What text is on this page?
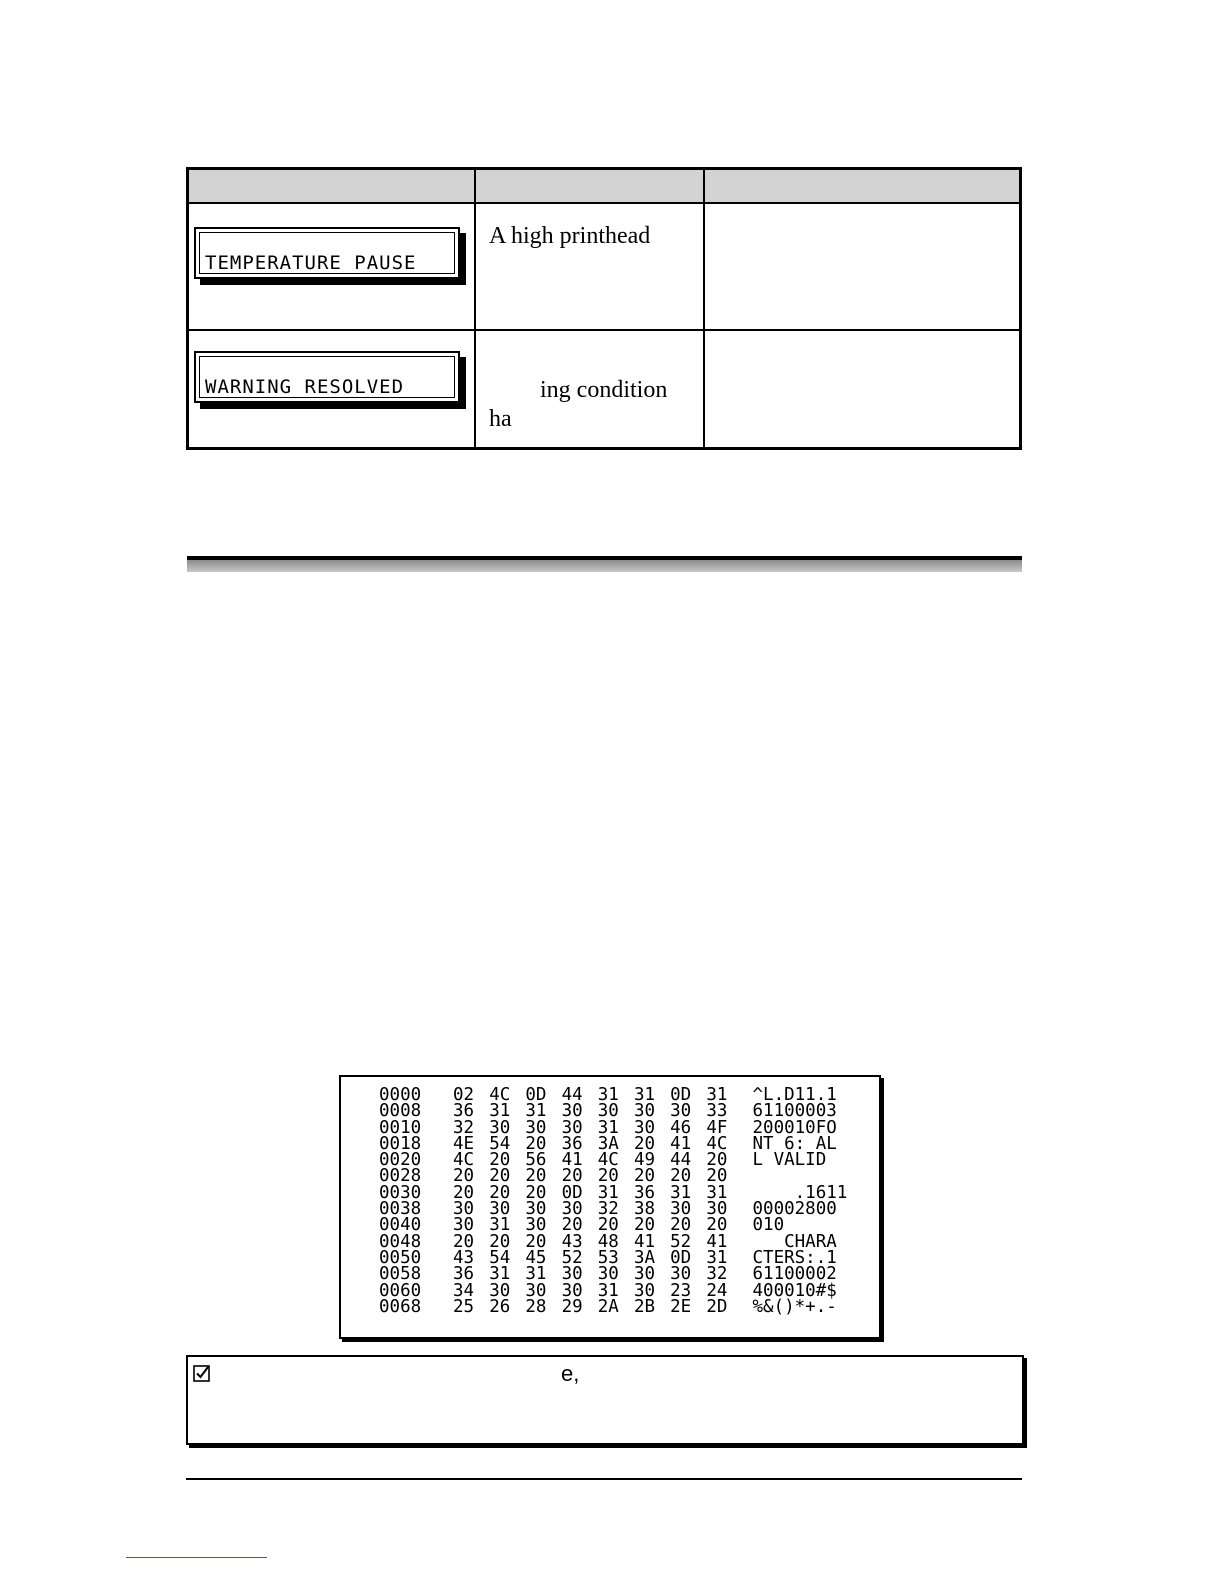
TEMPERATURE PAUSE
A high printhead
WARNING RESOLVED	ing condition
ha
0000 02 4C 0D 44 31 31 0D 31 ^L.D11.1
0008 36 31 31 30 30 30 30 33 61100003
0010 32 30 30 30 31 30 46 4F 200010FO
0018 4E 54 20 36 3A 20 41 4C NT 6: AL
0020 4C 20 56 41 4C 49 44 20 L VALID
0028 20 20 20 20 20 20 20 20
0030 20 20 20 0D 31 36 31 31    .1611
0038 30 30 30 30 32 38 30 30 00002800
0040 30 31 30 20 20 20 20 20 010
0048 20 20 20 43 48 41 52 41   CHARA
0050 43 54 45 52 53 3A 0D 31 CTERS:.1
0058 36 31 31 30 30 30 30 32 61100002
0060 34 30 30 30 31 30 23 24 400010#$
0068 25 26 28 29 2A 2B 2E 2D %&()*+.-
e,
